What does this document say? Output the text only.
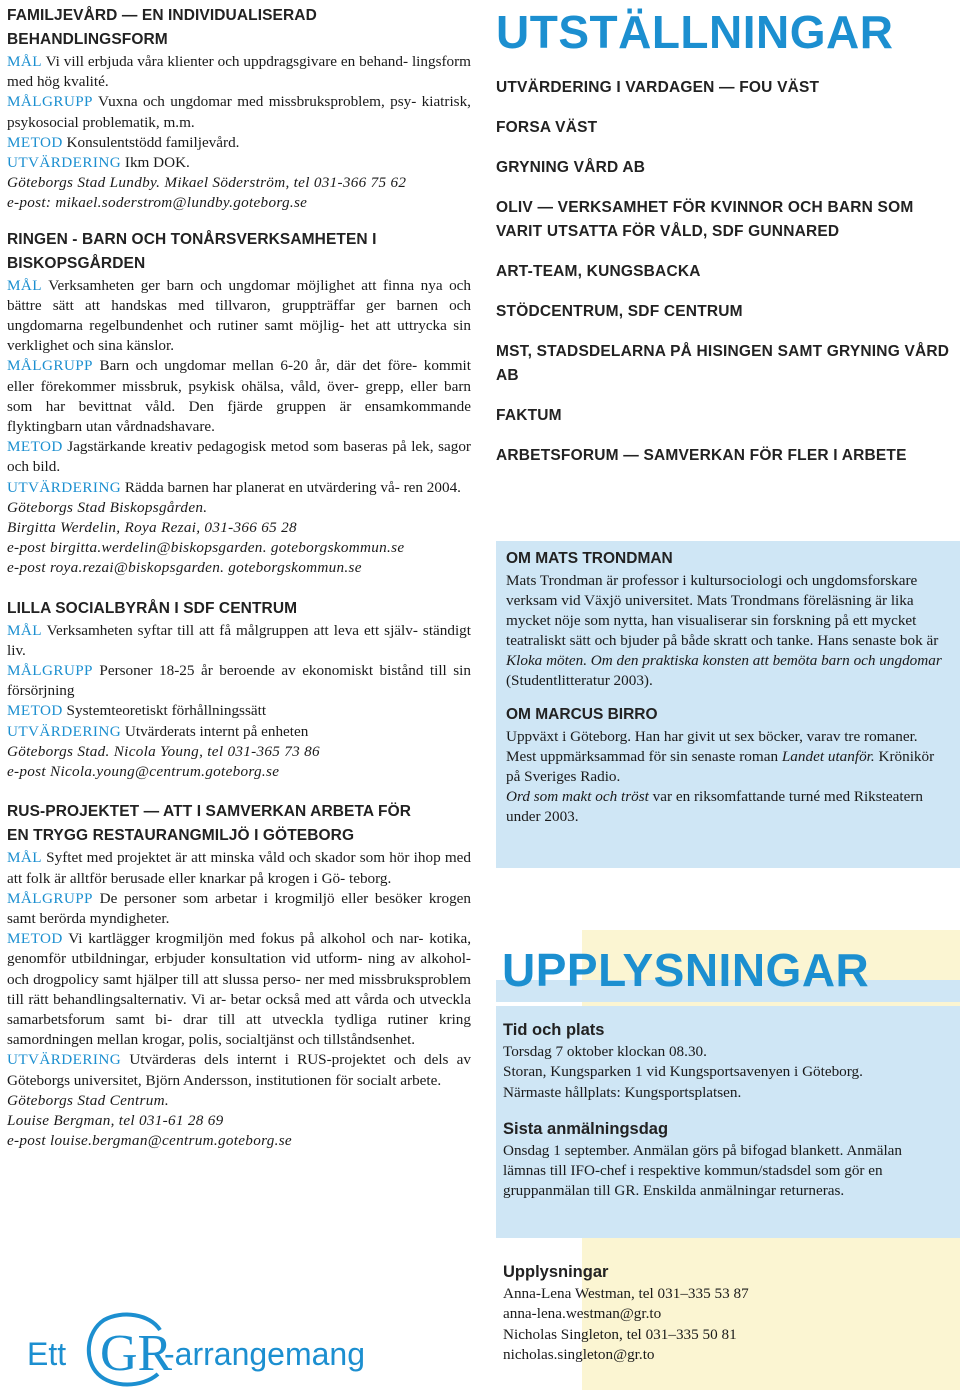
FAMILJEVÅRD — EN INDIVIDUALISERAD
BEHANDLINGSFORM

MÅL Vi vill erbjuda våra klienter och uppdragsgivare en behand- lingsform med hög kvalité.

MÅLGRUPP Vuxna och ungdomar med missbruksproblem, psy- kiatrisk, psykosocial problematik, m.m.

METOD Konsulentstödd familjevård.

UTVÄRDERING Ikm DOK.

Göteborgs Stad Lundby. Mikael Söderström, tel 031-366 75 62

e-post: mikael.soderstrom@lundby.goteborg.se

RINGEN - BARN OCH TONÅRSVERKSAMHETEN I
BISKOPSGÅRDEN

MÅL Verksamheten ger barn och ungdomar möjlighet att finna nya och bättre sätt att handskas med tillvaron, gruppträffar ger barnen och ungdomarna regelbundenhet och rutiner samt möjlig- het att uttrycka sin verklighet och sina känslor.

MÅLGRUPP Barn och ungdomar mellan 6-20 år, där det före- kommit eller förekommer missbruk, psykisk ohälsa, våld, över- grepp, eller barn som har bevittnat våld. Den fjärde gruppen är ensamkommande flyktingbarn utan vårdnadshavare.

METOD Jagstärkande kreativ pedagogisk metod som baseras på lek, sagor och bild.

UTVÄRDERING Rädda barnen har planerat en utvärdering vå- ren 2004.

Göteborgs Stad Biskopsgården.

Birgitta Werdelin, Roya Rezai, 031-366 65 28

e-post birgitta.werdelin@biskopsgarden. goteborgskommun.se

e-post roya.rezai@biskopsgarden. goteborgskommun.se

LILLA SOCIALBYRÅN I SDF CENTRUM

MÅL Verksamheten syftar till att få målgruppen att leva ett själv- ständigt liv.

MÅLGRUPP Personer 18-25 år beroende av ekonomiskt bistånd till sin försörjning

METOD Systemteoretiskt förhållningssätt

UTVÄRDERING Utvärderats internt på enheten

Göteborgs Stad. Nicola Young, tel 031-365 73 86

e-post Nicola.young@centrum.goteborg.se

RUS-PROJEKTET — ATT I SAMVERKAN ARBETA FÖR
EN TRYGG RESTAURANGMILJÖ I GÖTEBORG

MÅL Syftet med projektet är att minska våld och skador som hör ihop med att folk är alltför berusade eller knarkar på krogen i Gö- teborg.

MÅLGRUPP De personer som arbetar i krogmiljö eller besöker krogen samt berörda myndigheter.

METOD Vi kartlägger krogmiljön med fokus på alkohol och nar- kotika, genomför utbildningar, erbjuder konsultation vid utform- ning av alkohol- och drogpolicy samt hjälper till att slussa perso- ner med missbruksproblem till rätt behandlingsalternativ. Vi ar- betar också med att vårda och utveckla samarbetsforum samt bi- drar till att utveckla tydliga rutiner kring samordningen mellan krogar, polis, socialtjänst och tillståndsenhet.

UTVÄRDERING Utvärderas dels internt i RUS-projektet och dels av Göteborgs universitet, Björn Andersson, institutionen för socialt arbete.

Göteborgs Stad Centrum.

Louise Bergman, tel 031-61 28 69

e-post louise.bergman@centrum.goteborg.se

UTSTÄLLNINGAR
UTVÄRDERING I VARDAGEN — FOU VÄST
FORSA VÄST
GRYNING VÅRD AB
OLIV — VERKSAMHET FÖR KVINNOR OCH BARN SOM VARIT UTSATTA FÖR VÅLD, SDF GUNNARED
ART-TEAM, KUNGSBACKA
STÖDCENTRUM, SDF CENTRUM
MST, STADSDELARNA PÅ HISINGEN SAMT GRYNING VÅRD AB
FAKTUM
ARBETSFORUM — SAMVERKAN FÖR FLER I ARBETE
OM MATS TRONDMAN

Mats Trondman är professor i kultursociologi och ungdomsforskare verksam vid Växjö universitet. Mats Trondmans föreläsning är lika mycket nöje som nytta, han visualiserar sin forskning på ett mycket teatraliskt sätt och bjuder på både skratt och tanke. Hans senaste bok är Kloka möten. Om den praktiska konsten att bemöta barn och ungdomar (Studentlitteratur 2003).

OM MARCUS BIRRO

Uppväxt i Göteborg. Han har givit ut sex böcker, varav tre romaner. Mest uppmärksammad för sin senaste roman Landet utanför. Krönikör på Sveriges Radio.
Ord som makt och tröst var en riksomfattande turné med Riksteatern under 2003.

UPPLYSNINGAR
Tid och plats

Torsdag 7 oktober klockan 08.30.
Storan, Kungsparken 1 vid Kungsportsavenyen i Göteborg.
Närmaste hållplats: Kungsportsplatsen.

Sista anmälningsdag

Onsdag 1 september. Anmälan görs på bifogad blankett. Anmälan lämnas till IFO-chef i respektive kommun/stadsdel som gör en gruppanmälan till GR. Enskilda anmälningar returneras.

Upplysningar

Anna-Lena Westman, tel 031–335 53 87
anna-lena.westman@gr.to
Nicholas Singleton, tel 031–335 50 81
nicholas.singleton@gr.to

Ett GR
-arrangemang
